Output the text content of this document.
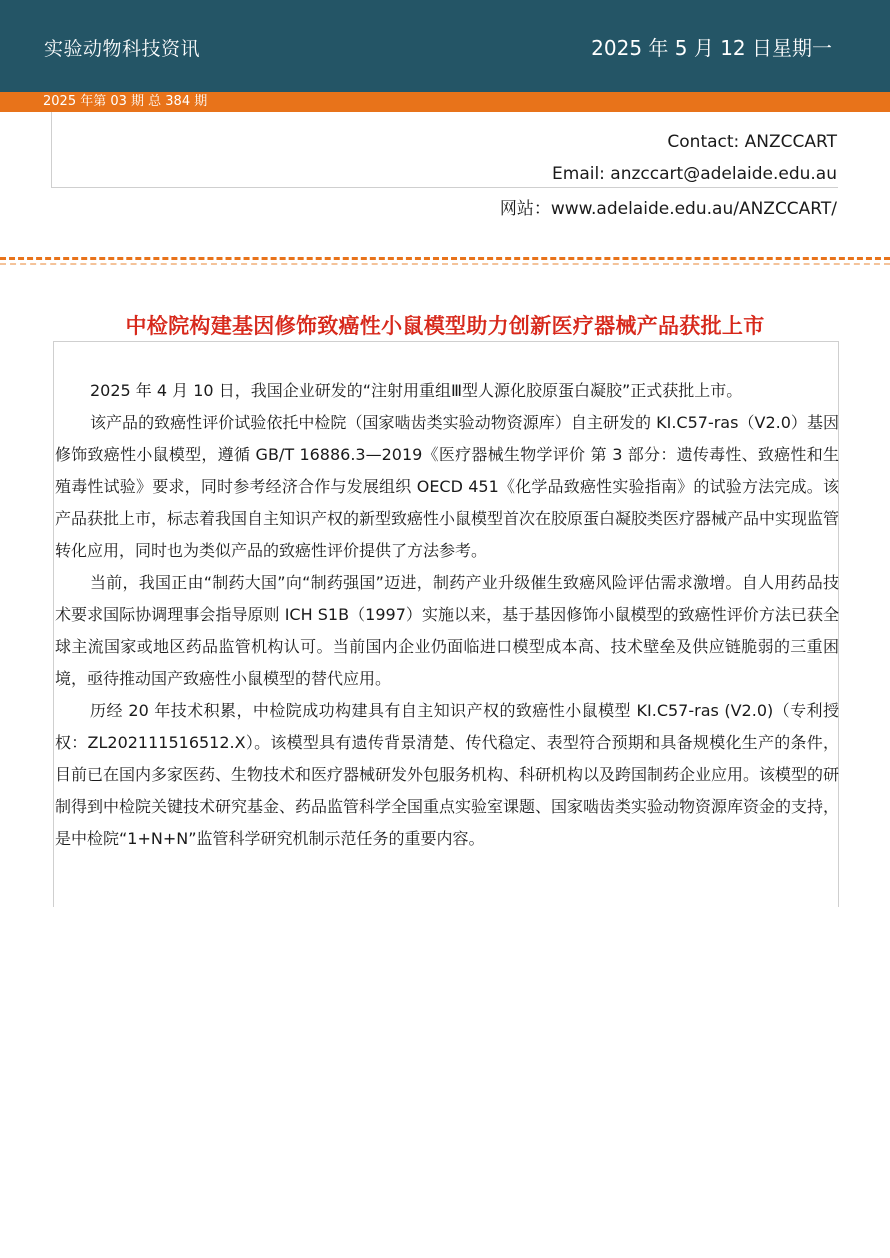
实验动物科技资讯	2025 年 5 月 12 日星期一
2025 年第 03 期 总 384 期
Contact: ANZCCART
Email: anzccart@adelaide.edu.au
网站：www.adelaide.edu.au/ANZCCART/
中检院构建基因修饰致癌性小鼠模型助力创新医疗器械产品获批上市

2025 年 4 月 10 日，我国企业研发的“注射用重组Ⅲ型人源化胶原蛋白凝胶”正式获批上市。

该产品的致癌性评价试验依托中检院（国家啮齿类实验动物资源库）自主研发的 KI.C57-ras（V2.0）基因修饰致癌性小鼠模型，遵循 GB/T 16886.3—2019《医疗器械生物学评价 第 3 部分：遗传毒性、致癌性和生殖毒性试验》要求，同时参考经济合作与发展组织 OECD 451《化学品致癌性实验指南》的试验方法完成。该产品获批上市，标志着我国自主知识产权的新型致癌性小鼠模型首次在胶原蛋白凝胶类医疗器械产品中实现监管转化应用，同时也为类似产品的致癌性评价提供了方法参考。

当前，我国正由“制药大国”向“制药强国”迈进，制药产业升级催生致癌风险评估需求激增。自人用药品技术要求国际协调理事会指导原则 ICH S1B（1997）实施以来，基于基因修饰小鼠模型的致癌性评价方法已获全球主流国家或地区药品监管机构认可。当前国内企业仍面临进口模型成本高、技术壁垒及供应链脆弱的三重困境，亟待推动国产致癌性小鼠模型的替代应用。

历经 20 年技术积累，中检院成功构建具有自主知识产权的致癌性小鼠模型 KI.C57-ras (V2.0)（专利授权：ZL202111516512.X）。该模型具有遗传背景清楚、传代稳定、表型符合预期和具备规模化生产的条件，目前已在国内多家医药、生物技术和医疗器械研发外包服务机构、科研机构以及跨国制药企业应用。该模型的研制得到中检院关键技术研究基金、药品监管科学全国重点实验室课题、国家啮齿类实验动物资源库资金的支持，是中检院“1+N+N”监管科学研究机制示范任务的重要内容。
